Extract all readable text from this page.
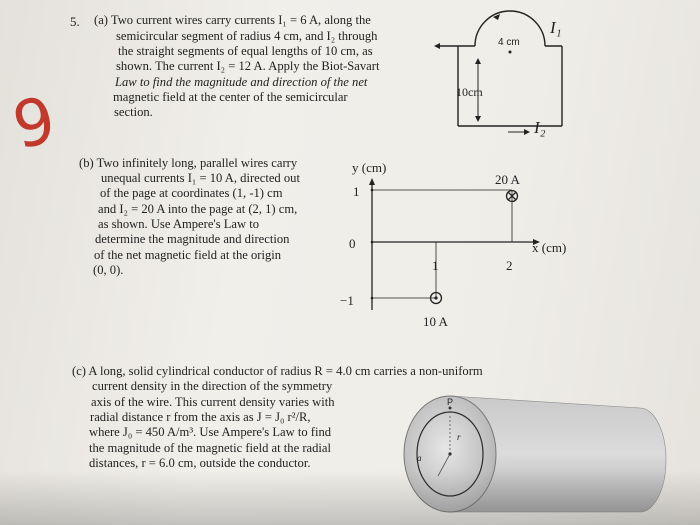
5.
9
(a) Two current wires carry currents I₁ = 6 A, along the
semicircular segment of radius 4 cm, and I₂ through
the straight segments of equal lengths of 10 cm, as
shown. The current I₂ = 12 A. Apply the Biot-Savart
Law to find the magnitude and direction of the net
magnetic field at the center of the semicircular
section.
4 cm
10cm
I₁
I₂
(b) Two infinitely long, parallel wires carry
unequal currents I₁ = 10 A, directed out
of the page at coordinates (1, -1) cm
and I₂ = 20 A into the page at (2, 1) cm,
as shown. Use Ampere's Law to
determine the magnitude and direction
of the net magnetic field at the origin
(0, 0).
y (cm)
x (cm)
1
0
−1
1	2
20 A
10 A
(c) A long, solid cylindrical conductor of radius R = 4.0 cm carries a non-uniform
current density in the direction of the symmetry
axis of the wire. This current density varies with
radial distance r from the axis as J = J₀ r²/R,
where J₀ = 450 A/m³. Use Ampere's Law to find
the magnitude of the magnetic field at the radial
distances, r = 6.0 cm, outside the conductor.
P
r
a
